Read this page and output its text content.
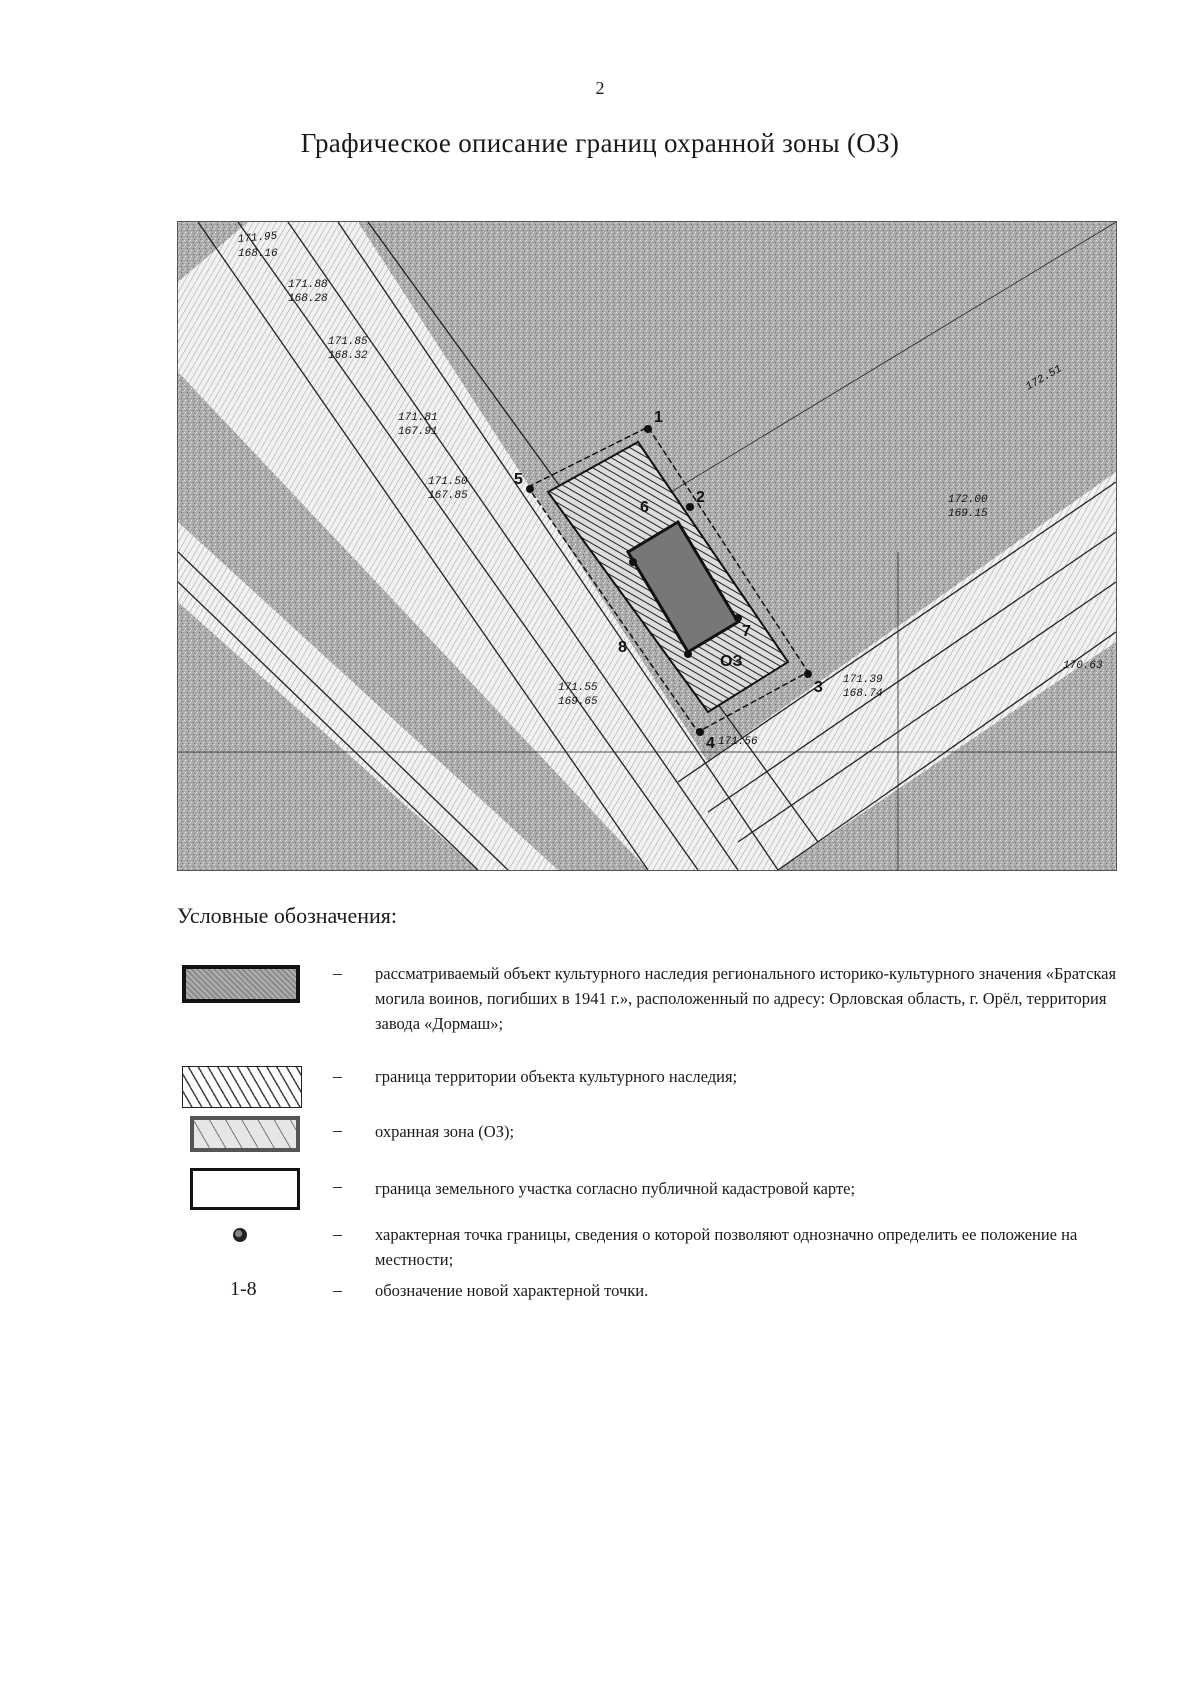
2
Графическое описание границ охранной зоны (ОЗ)
ОЗ
1
2
3
4
5
6
7
8
171.95
168.16
171.88
168.28
171.85
168.32
171.81
167.91
171.50
167.85	172.00
169.15
171.55
169.65
171.39
168.74
170.63
171.56
172.51
Условные обозначения:
– рассматриваемый объект культурного наследия регионального историко-культурного значения «Братская могила воинов, погибших в 1941 г.», расположенный по адресу: Орловская область, г. Орёл, территория завода «Дормаш»;
– граница территории объекта культурного наследия;
– охранная зона (ОЗ);
– граница земельного участка согласно публичной кадастровой карте;
– характерная точка границы, сведения о которой позволяют однозначно определить ее положение на местности;
1-8	– обозначение новой характерной точки.
